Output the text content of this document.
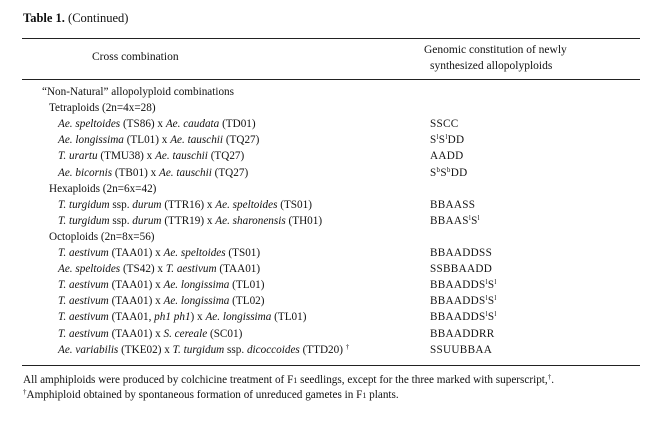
Table 1. (Continued)
Cross combination
Genomic constitution of newly
synthesized allopolyploids
“Non-Natural” allopolyploid combinations
Tetraploids (2n=4x=28)
Ae. speltoides (TS86) x Ae. caudata (TD01)	SSCC
Ae. longissima (TL01) x Ae. tauschii (TQ27)	$S^lS^lDD$
T. urartu (TMU38) x Ae. tauschii (TQ27)	AADD
Ae. bicornis (TB01) x Ae. tauschii (TQ27)	$S^bS^bDD$
Hexaploids (2n=6x=42)
T. turgidum ssp. durum (TTR16) x Ae. speltoides (TS01)	BBAASS
T. turgidum ssp. durum (TTR19) x Ae. sharonensis (TH01)	$BBAAS^lS^l$
Octoploids (2n=8x=56)
T. aestivum (TAA01) x Ae. speltoides (TS01)	BBAADDSS
Ae. speltoides (TS42) x T. aestivum (TAA01)	SSBBAADD
T. aestivum (TAA01) x Ae. longissima (TL01)	$BBAADDS^lS^l$
T. aestivum (TAA01) x Ae. longissima (TL02)	$BBAADDS^lS^l$
T. aestivum (TAA01, ph1 ph1) x Ae. longissima (TL01)	$BBAADDS^lS^l$
T. aestivum (TAA01) x S. cereale (SC01)	BBAADDRR
Ae. variabilis (TKE02) x T. turgidum ssp. dicoccoides (TTD20) †	SSUUBBAA
All amphiploids were produced by colchicine treatment of F1 seedlings, except for the three marked with superscript,†.
†Amphiploid obtained by spontaneous formation of unreduced gametes in F1 plants.
